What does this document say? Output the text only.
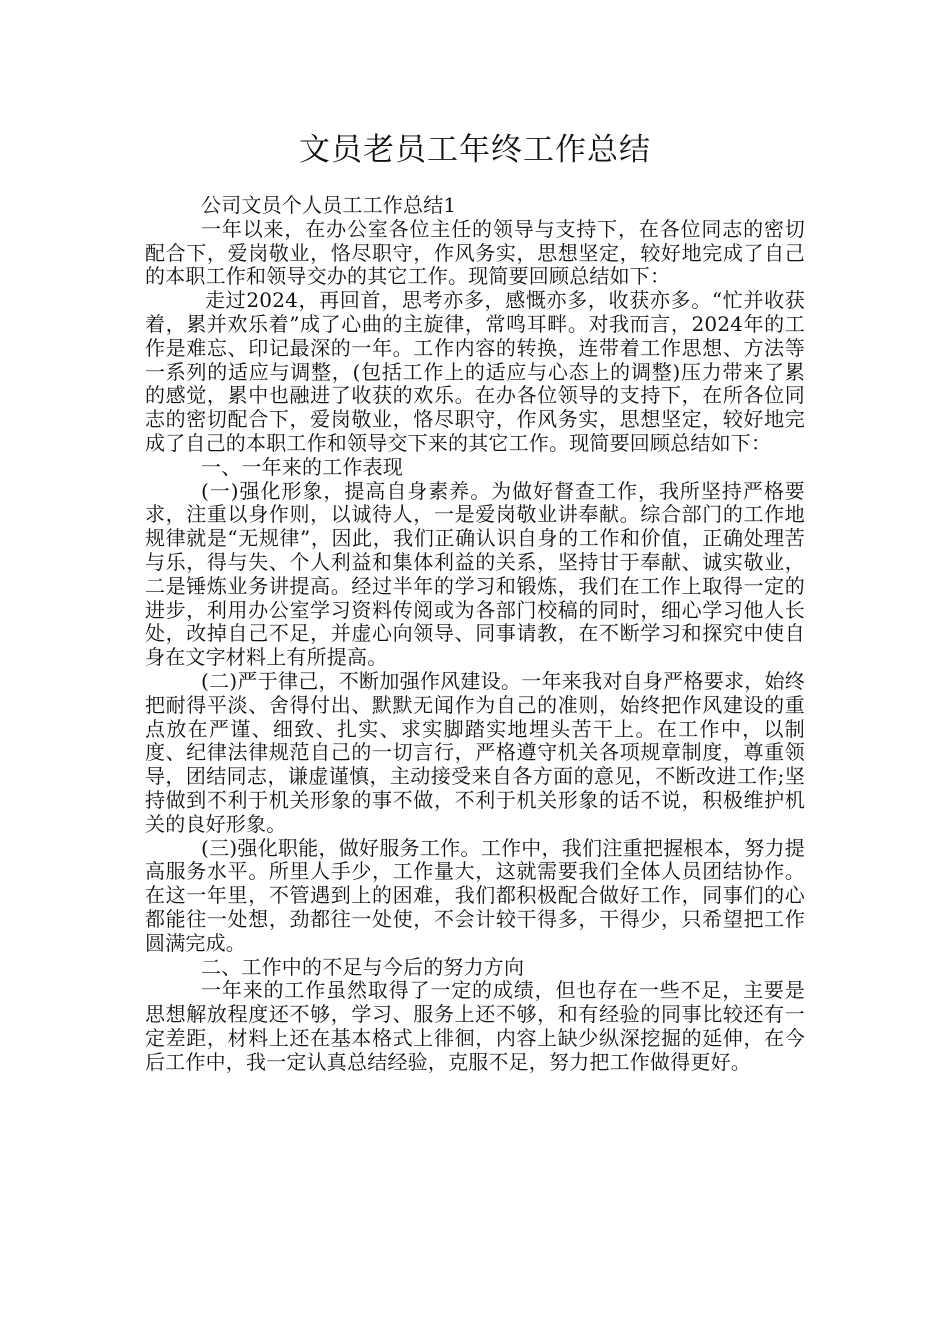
文员老员工年终工作总结

公司文员个人员工工作总结1

一年以来，在办公室各位主任的领导与支持下，在各位同志的密切配合下，爱岗敬业，恪尽职守，作风务实，思想坚定，较好地完成了自己的本职工作和领导交办的其它工作。现简要回顾总结如下：

走过2024，再回首，思考亦多，感慨亦多，收获亦多。“忙并收获着，累并欢乐着”成了心曲的主旋律，常鸣耳畔。对我而言，2024年的工作是难忘、印记最深的一年。工作内容的转换，连带着工作思想、方法等一系列的适应与调整，(包括工作上的适应与心态上的调整)压力带来了累的感觉，累中也融进了收获的欢乐。在办各位领导的支持下，在所各位同志的密切配合下，爱岗敬业，恪尽职守，作风务实，思想坚定，较好地完成了自己的本职工作和领导交下来的其它工作。现简要回顾总结如下：

一、一年来的工作表现

(一)强化形象，提高自身素养。为做好督查工作，我所坚持严格要求，注重以身作则，以诚待人，一是爱岗敬业讲奉献。综合部门的工作地规律就是“无规律”，因此，我们正确认识自身的工作和价值，正确处理苦与乐，得与失、个人利益和集体利益的关系，坚持甘于奉献、诚实敬业，二是锤炼业务讲提高。经过半年的学习和锻炼，我们在工作上取得一定的进步，利用办公室学习资料传阅或为各部门校稿的同时，细心学习他人长处，改掉自己不足，并虚心向领导、同事请教，在不断学习和探究中使自身在文字材料上有所提高。

(二)严于律己，不断加强作风建设。一年来我对自身严格要求，始终把耐得平淡、舍得付出、默默无闻作为自己的准则，始终把作风建设的重点放在严谨、细致、扎实、求实脚踏实地埋头苦干上。在工作中，以制度、纪律法律规范自己的一切言行，严格遵守机关各项规章制度，尊重领导，团结同志，谦虚谨慎，主动接受来自各方面的意见，不断改进工作;坚持做到不利于机关形象的事不做，不利于机关形象的话不说，积极维护机关的良好形象。

(三)强化职能，做好服务工作。工作中，我们注重把握根本，努力提高服务水平。所里人手少，工作量大，这就需要我们全体人员团结协作。在这一年里，不管遇到上的困难，我们都积极配合做好工作，同事们的心都能往一处想，劲都往一处使，不会计较干得多，干得少，只希望把工作圆满完成。

二、工作中的不足与今后的努力方向

一年来的工作虽然取得了一定的成绩，但也存在一些不足，主要是思想解放程度还不够，学习、服务上还不够，和有经验的同事比较还有一定差距，材料上还在基本格式上徘徊，内容上缺少纵深挖掘的延伸，在今后工作中，我一定认真总结经验，克服不足，努力把工作做得更好。
